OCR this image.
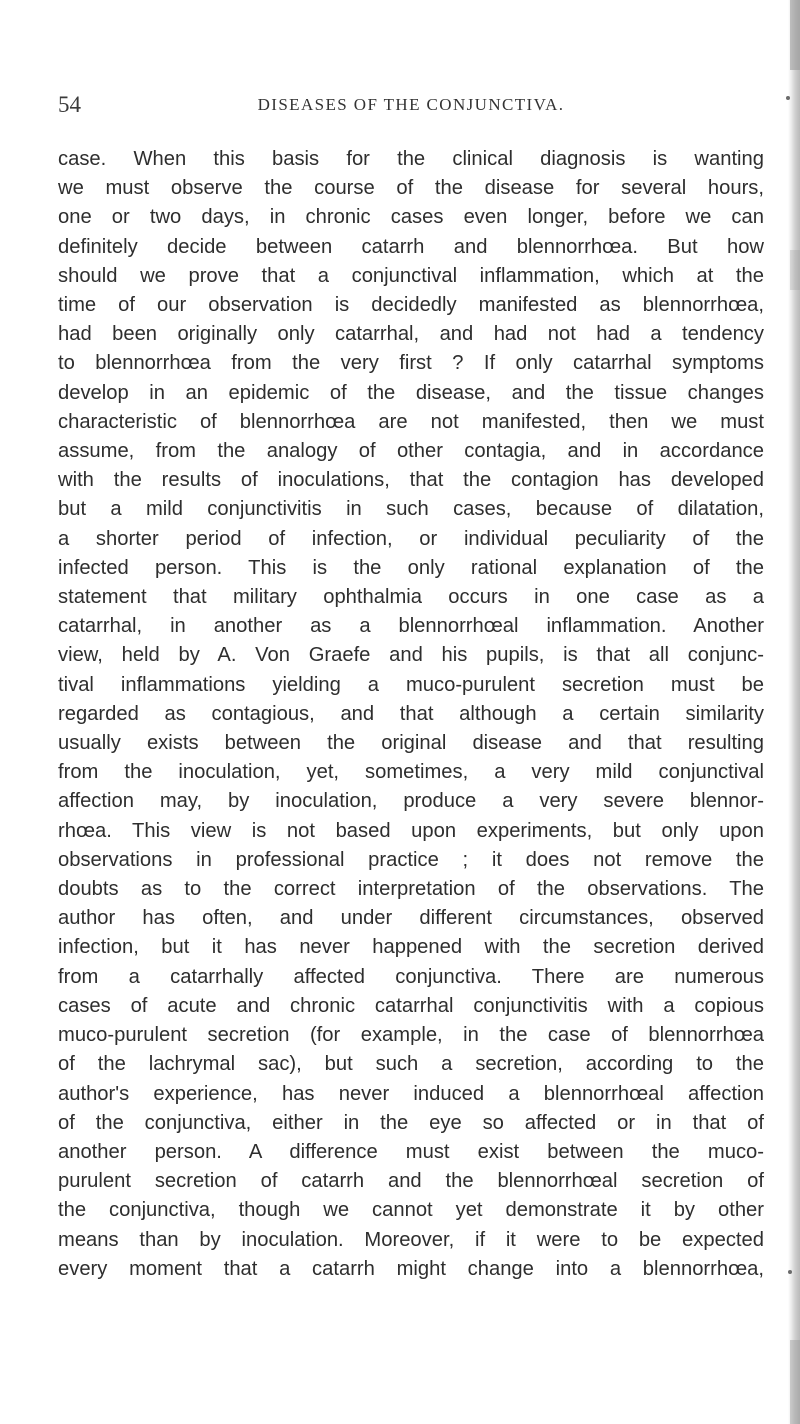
54	DISEASES OF THE CONJUNCTIVA.
case. When this basis for the clinical diagnosis is wanting
we must observe the course of the disease for several hours,
one or two days, in chronic cases even longer, before we can
definitely decide between catarrh and blennorrhœa. But how
should we prove that a conjunctival inflammation, which at the
time of our observation is decidedly manifested as blennorrhœa,
had been originally only catarrhal, and had not had a tendency
to blennorrhœa from the very first ? If only catarrhal symptoms
develop in an epidemic of the disease, and the tissue changes
characteristic of blennorrhœa are not manifested, then we must
assume, from the analogy of other contagia, and in accordance
with the results of inoculations, that the contagion has developed
but a mild conjunctivitis in such cases, because of dilatation,
a shorter period of infection, or individual peculiarity of the
infected person. This is the only rational explanation of the
statement that military ophthalmia occurs in one case as a
catarrhal, in another as a blennorrhœal inflammation. Another
view, held by A. Von Graefe and his pupils, is that all conjunc-
tival inflammations yielding a muco-purulent secretion must be
regarded as contagious, and that although a certain similarity
usually exists between the original disease and that resulting
from the inoculation, yet, sometimes, a very mild conjunctival
affection may, by inoculation, produce a very severe blennor-
rhœa. This view is not based upon experiments, but only upon
observations in professional practice ; it does not remove the
doubts as to the correct interpretation of the observations. The
author has often, and under different circumstances, observed
infection, but it has never happened with the secretion derived
from a catarrhally affected conjunctiva. There are numerous
cases of acute and chronic catarrhal conjunctivitis with a copious
muco-purulent secretion (for example, in the case of blennorrhœa
of the lachrymal sac), but such a secretion, according to the
author's experience, has never induced a blennorrhœal affection
of the conjunctiva, either in the eye so affected or in that of
another person. A difference must exist between the muco-
purulent secretion of catarrh and the blennorrhœal secretion of
the conjunctiva, though we cannot yet demonstrate it by other
means than by inoculation. Moreover, if it were to be expected
every moment that a catarrh might change into a blennorrhœa,
